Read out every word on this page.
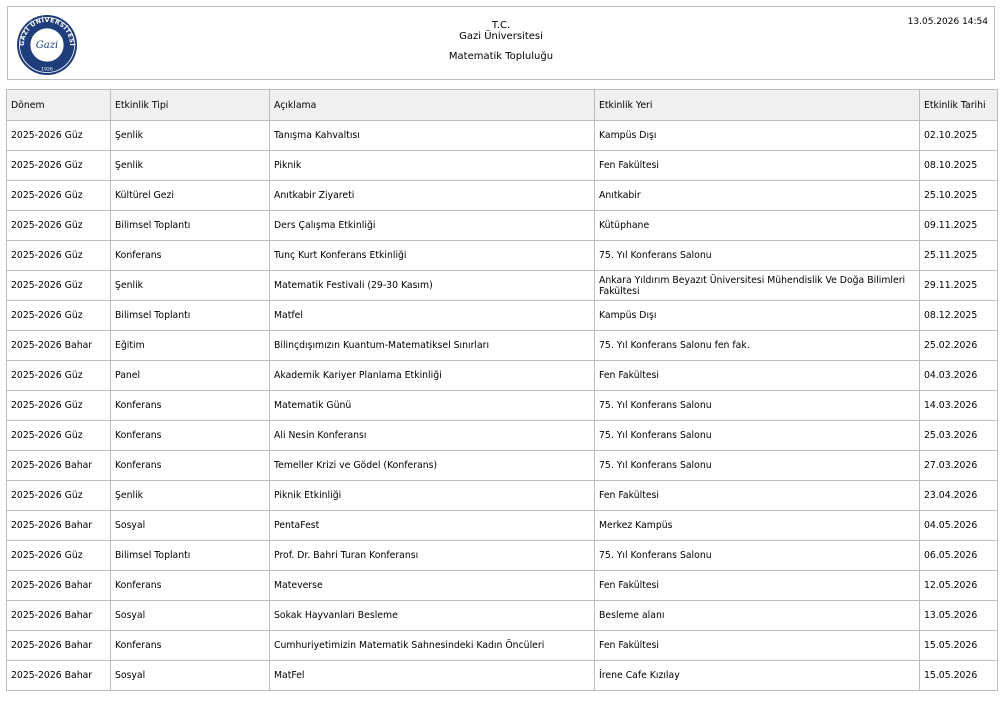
GAZİ ÜNİVERSİTESİ
Gazi
1926
T.C.
Gazi Üniversitesi
Matematik Topluluğu
13.05.2026 14:54
Dönem	Etkinlik Tipi	Açıklama	Etkinlik Yeri	Etkinlik Tarihi
2025-2026 Güz	Şenlik	Tanışma Kahvaltısı	Kampüs Dışı	02.10.2025
2025-2026 Güz	Şenlik	Piknik	Fen Fakültesi	08.10.2025
2025-2026 Güz	Kültürel Gezi	Anıtkabir Ziyareti	Anıtkabir	25.10.2025
2025-2026 Güz	Bilimsel Toplantı	Ders Çalışma Etkinliği	Kütüphane	09.11.2025
2025-2026 Güz	Konferans	Tunç Kurt Konferans Etkinliği	75. Yıl Konferans Salonu	25.11.2025
2025-2026 Güz	Şenlik	Matematik Festivali (29-30 Kasım)	Ankara Yıldırım Beyazıt Üniversitesi Mühendislik Ve Doğa Bilimleri Fakültesi	29.11.2025
2025-2026 Güz	Bilimsel Toplantı	Matfel	Kampüs Dışı	08.12.2025
2025-2026 Bahar	Eğitim	Bilinçdışımızın Kuantum-Matematiksel Sınırları	75. Yıl Konferans Salonu fen fak.	25.02.2026
2025-2026 Güz	Panel	Akademik Kariyer Planlama Etkinliği	Fen Fakültesi	04.03.2026
2025-2026 Güz	Konferans	Matematik Günü	75. Yıl Konferans Salonu	14.03.2026
2025-2026 Güz	Konferans	Ali Nesin Konferansı	75. Yıl Konferans Salonu	25.03.2026
2025-2026 Bahar	Konferans	Temeller Krizi ve Gödel (Konferans)	75. Yıl Konferans Salonu	27.03.2026
2025-2026 Güz	Şenlik	Piknik Etkinliği	Fen Fakültesi	23.04.2026
2025-2026 Bahar	Sosyal	PentaFest	Merkez Kampüs	04.05.2026
2025-2026 Güz	Bilimsel Toplantı	Prof. Dr. Bahri Turan Konferansı	75. Yıl Konferans Salonu	06.05.2026
2025-2026 Bahar	Konferans	Mateverse	Fen Fakültesi	12.05.2026
2025-2026 Bahar	Sosyal	Sokak Hayvanları Besleme	Besleme alanı	13.05.2026
2025-2026 Bahar	Konferans	Cumhuriyetimizin Matematik Sahnesindeki Kadın Öncüleri	Fen Fakültesi	15.05.2026
2025-2026 Bahar	Sosyal	MatFel	İrene Cafe Kızılay	15.05.2026
